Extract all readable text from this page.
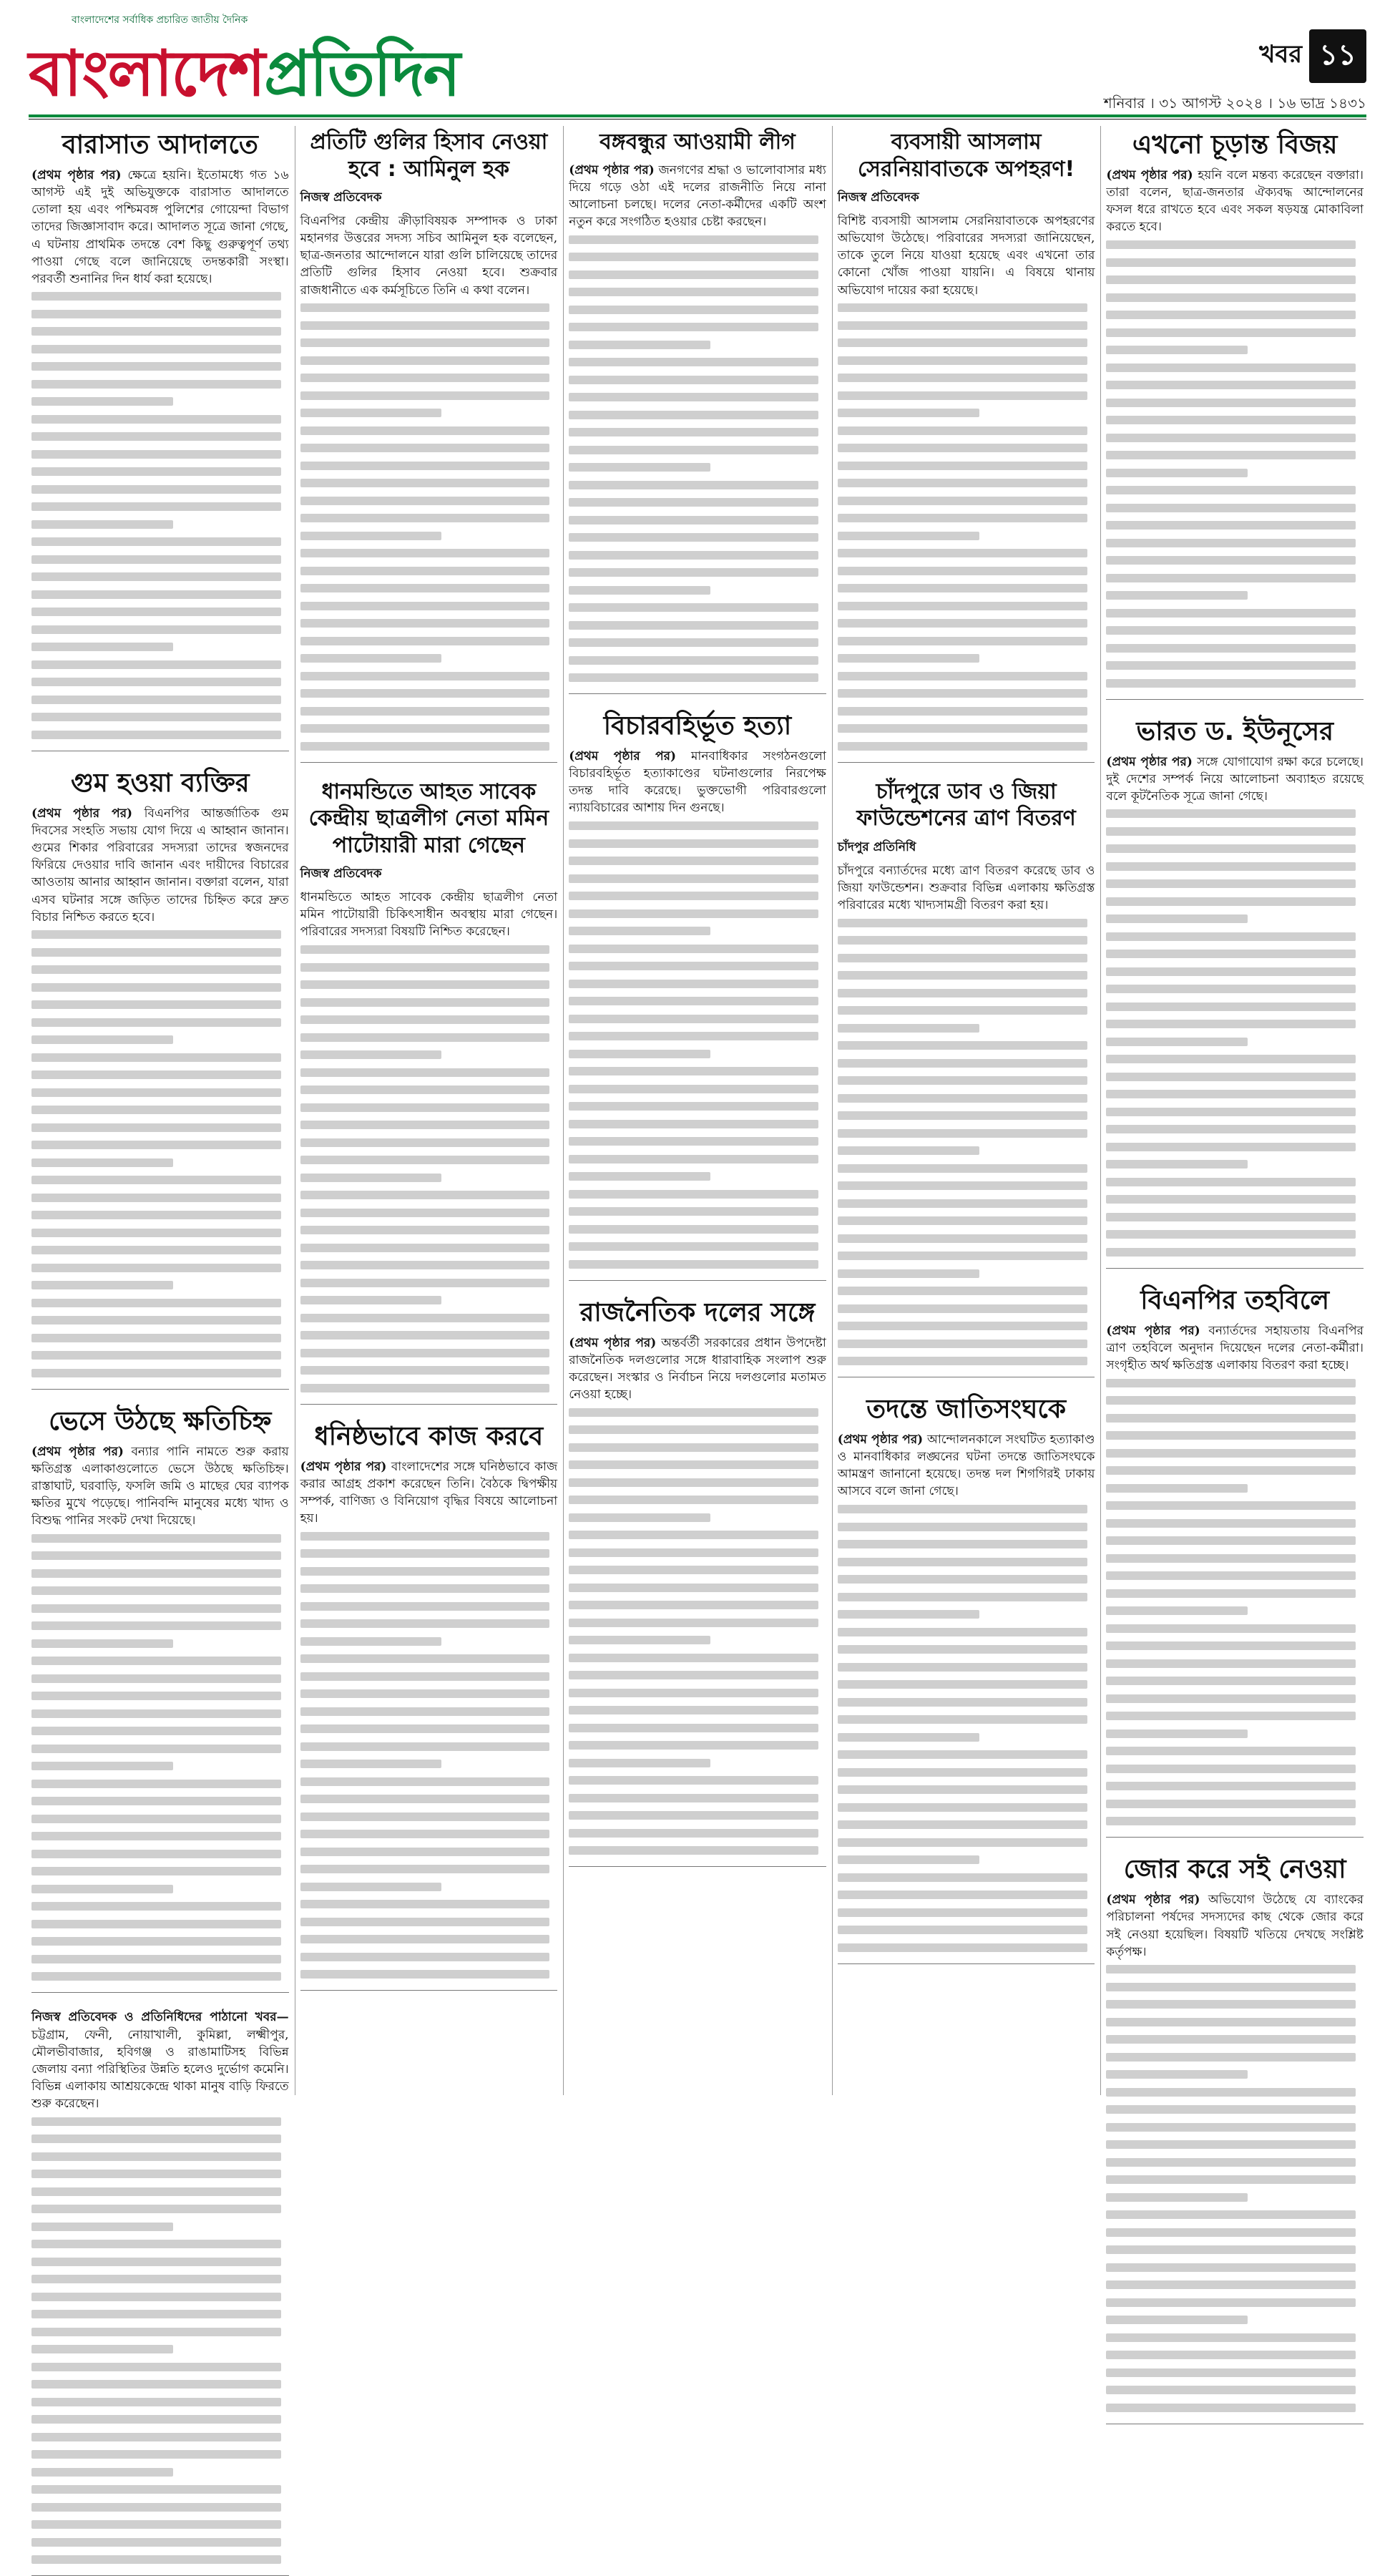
বাংলাদেশের সর্বাধিক প্রচারিত জাতীয় দৈনিক
বাংলাদেশপ্রতিদিন	খবর ১১
শনিবার । ৩১ আগস্ট ২০২৪ । ১৬ ভাদ্র ১৪৩১
বারাসাত আদালতে

(প্রথম পৃষ্ঠার পর) ক্ষেত্রে হয়নি। ইতোমধ্যে গত ১৬ আগস্ট এই দুই অভিযুক্তকে বারাসাত আদালতে তোলা হয় এবং পশ্চিমবঙ্গ পুলিশের গোয়েন্দা বিভাগ তাদের জিজ্ঞাসাবাদ করে। আদালত সূত্রে জানা গেছে, এ ঘটনায় প্রাথমিক তদন্তে বেশ কিছু গুরুত্বপূর্ণ তথ্য পাওয়া গেছে বলে জানিয়েছে তদন্তকারী সংস্থা। পরবর্তী শুনানির দিন ধার্য করা হয়েছে।

গুম হওয়া ব্যক্তির

(প্রথম পৃষ্ঠার পর) বিএনপির আন্তর্জাতিক গুম দিবসের সংহতি সভায় যোগ দিয়ে এ আহ্বান জানান। গুমের শিকার পরিবারের সদস্যরা তাদের স্বজনদের ফিরিয়ে দেওয়ার দাবি জানান এবং দায়ীদের বিচারের আওতায় আনার আহ্বান জানান। বক্তারা বলেন, যারা এসব ঘটনার সঙ্গে জড়িত তাদের চিহ্নিত করে দ্রুত বিচার নিশ্চিত করতে হবে।

ভেসে উঠছে ক্ষতিচিহ্ন

(প্রথম পৃষ্ঠার পর) বন্যার পানি নামতে শুরু করায় ক্ষতিগ্রস্ত এলাকাগুলোতে ভেসে উঠছে ক্ষতিচিহ্ন। রাস্তাঘাট, ঘরবাড়ি, ফসলি জমি ও মাছের ঘের ব্যাপক ক্ষতির মুখে পড়েছে। পানিবন্দি মানুষের মধ্যে খাদ্য ও বিশুদ্ধ পানির সংকট দেখা দিয়েছে।

নিজস্ব প্রতিবেদক ও প্রতিনিধিদের পাঠানো খবর— চট্টগ্রাম, ফেনী, নোয়াখালী, কুমিল্লা, লক্ষ্মীপুর, মৌলভীবাজার, হবিগঞ্জ ও রাঙামাটিসহ বিভিন্ন জেলায় বন্যা পরিস্থিতির উন্নতি হলেও দুর্ভোগ কমেনি। বিভিন্ন এলাকায় আশ্রয়কেন্দ্রে থাকা মানুষ বাড়ি ফিরতে শুরু করেছেন।

প্রতিটি গুলির হিসাব নেওয়া হবে : আমিনুল হক
নিজস্ব প্রতিবেদক

বিএনপির কেন্দ্রীয় ক্রীড়াবিষয়ক সম্পাদক ও ঢাকা মহানগর উত্তরের সদস্য সচিব আমিনুল হক বলেছেন, ছাত্র-জনতার আন্দোলনে যারা গুলি চালিয়েছে তাদের প্রতিটি গুলির হিসাব নেওয়া হবে। শুক্রবার রাজধানীতে এক কর্মসূচিতে তিনি এ কথা বলেন।

ধানমন্ডিতে আহত সাবেক কেন্দ্রীয় ছাত্রলীগ নেতা মমিন পাটোয়ারী মারা গেছেন
নিজস্ব প্রতিবেদক

ধানমন্ডিতে আহত সাবেক কেন্দ্রীয় ছাত্রলীগ নেতা মমিন পাটোয়ারী চিকিৎসাধীন অবস্থায় মারা গেছেন। পরিবারের সদস্যরা বিষয়টি নিশ্চিত করেছেন।

ধনিষ্ঠভাবে কাজ করবে

(প্রথম পৃষ্ঠার পর) বাংলাদেশের সঙ্গে ঘনিষ্ঠভাবে কাজ করার আগ্রহ প্রকাশ করেছেন তিনি। বৈঠকে দ্বিপক্ষীয় সম্পর্ক, বাণিজ্য ও বিনিয়োগ বৃদ্ধির বিষয়ে আলোচনা হয়।

বঙ্গবন্ধুর আওয়ামী লীগ

(প্রথম পৃষ্ঠার পর) জনগণের শ্রদ্ধা ও ভালোবাসার মধ্য দিয়ে গড়ে ওঠা এই দলের রাজনীতি নিয়ে নানা আলোচনা চলছে। দলের নেতা-কর্মীদের একটি অংশ নতুন করে সংগঠিত হওয়ার চেষ্টা করছেন।

বিচারবহির্ভূত হত্যা

(প্রথম পৃষ্ঠার পর) মানবাধিকার সংগঠনগুলো বিচারবহির্ভূত হত্যাকাণ্ডের ঘটনাগুলোর নিরপেক্ষ তদন্ত দাবি করেছে। ভুক্তভোগী পরিবারগুলো ন্যায়বিচারের আশায় দিন গুনছে।

রাজনৈতিক দলের সঙ্গে

(প্রথম পৃষ্ঠার পর) অন্তর্বর্তী সরকারের প্রধান উপদেষ্টা রাজনৈতিক দলগুলোর সঙ্গে ধারাবাহিক সংলাপ শুরু করেছেন। সংস্কার ও নির্বাচন নিয়ে দলগুলোর মতামত নেওয়া হচ্ছে।

ব্যবসায়ী আসলাম সেরনিয়াবাতকে অপহরণ!
নিজস্ব প্রতিবেদক

বিশিষ্ট ব্যবসায়ী আসলাম সেরনিয়াবাতকে অপহরণের অভিযোগ উঠেছে। পরিবারের সদস্যরা জানিয়েছেন, তাকে তুলে নিয়ে যাওয়া হয়েছে এবং এখনো তার কোনো খোঁজ পাওয়া যায়নি। এ বিষয়ে থানায় অভিযোগ দায়ের করা হয়েছে।

চাঁদপুরে ডাব ও জিয়া ফাউন্ডেশনের ত্রাণ বিতরণ
চাঁদপুর প্রতিনিধি

চাঁদপুরে বন্যার্তদের মধ্যে ত্রাণ বিতরণ করেছে ডাব ও জিয়া ফাউন্ডেশন। শুক্রবার বিভিন্ন এলাকায় ক্ষতিগ্রস্ত পরিবারের মধ্যে খাদ্যসামগ্রী বিতরণ করা হয়।

তদন্তে জাতিসংঘকে

(প্রথম পৃষ্ঠার পর) আন্দোলনকালে সংঘটিত হত্যাকাণ্ড ও মানবাধিকার লঙ্ঘনের ঘটনা তদন্তে জাতিসংঘকে আমন্ত্রণ জানানো হয়েছে। তদন্ত দল শিগগিরই ঢাকায় আসবে বলে জানা গেছে।

এখনো চূড়ান্ত বিজয়

(প্রথম পৃষ্ঠার পর) হয়নি বলে মন্তব্য করেছেন বক্তারা। তারা বলেন, ছাত্র-জনতার ঐক্যবদ্ধ আন্দোলনের ফসল ধরে রাখতে হবে এবং সকল ষড়যন্ত্র মোকাবিলা করতে হবে।

ভারত ড. ইউনূসের

(প্রথম পৃষ্ঠার পর) সঙ্গে যোগাযোগ রক্ষা করে চলেছে। দুই দেশের সম্পর্ক নিয়ে আলোচনা অব্যাহত রয়েছে বলে কূটনৈতিক সূত্রে জানা গেছে।

বিএনপির তহবিলে

(প্রথম পৃষ্ঠার পর) বন্যার্তদের সহায়তায় বিএনপির ত্রাণ তহবিলে অনুদান দিয়েছেন দলের নেতা-কর্মীরা। সংগৃহীত অর্থ ক্ষতিগ্রস্ত এলাকায় বিতরণ করা হচ্ছে।

জোর করে সই নেওয়া

(প্রথম পৃষ্ঠার পর) অভিযোগ উঠেছে যে ব্যাংকের পরিচালনা পর্ষদের সদস্যদের কাছ থেকে জোর করে সই নেওয়া হয়েছিল। বিষয়টি খতিয়ে দেখছে সংশ্লিষ্ট কর্তৃপক্ষ।
